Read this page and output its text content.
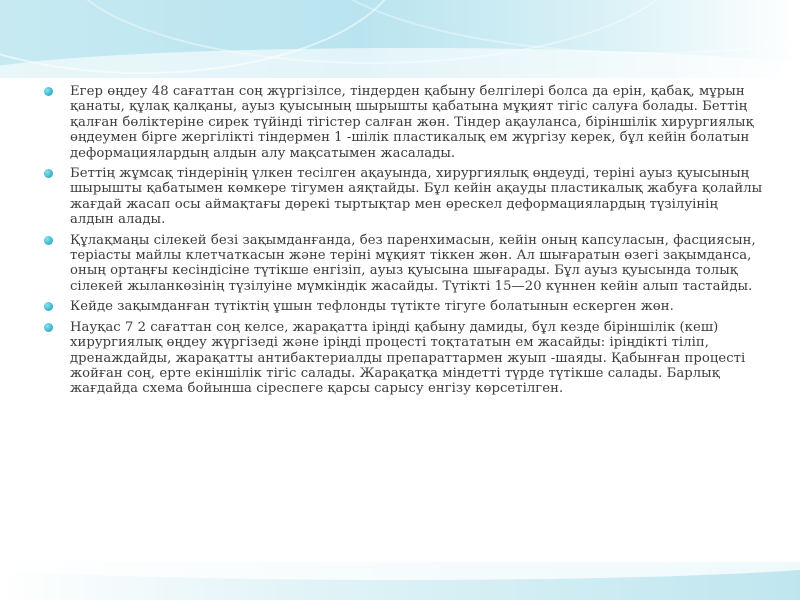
Егер өңдеу 48 сағаттан соң жүргізілсе, тіндерден қабыну белгілері болса да ерін, қабақ, мұрын қанаты, құлақ қалқаны, ауыз қуысының шырышты қабатына мұқият тігіс салуға болады. Беттің қалған бөліктеріне сирек түйінді тігістер салған жөн. Тіндер ақауланса, біріншілік хирургиялық өңдеумен бірге жергілікті тіндермен 1 -шілік пластикалық ем жүргізу керек, бұл кейін болатын деформациялардың алдын алу мақсатымен жасалады.
Беттің жұмсақ тіндерінің үлкен тесілген ақауында, хирургиялық өңдеуді, теріні ауыз қуысының шырышты қабатымен көмкере тігумен аяқтайды. Бұл кейін ақауды пластикалық жабуға қолайлы жағдай жасап осы аймақтағы дөрекі тыртықтар мен өрескел деформациялардың түзілуінің алдын алады.
Құлақмаңы сілекей безі зақымданғанда, без паренхимасын, кейін оның капсуласын, фасциясын, теріасты майлы клетчаткасын және теріні мұқият тіккен жөн. Ал шығаратын өзегі зақымданса, оның ортаңғы кесіндісіне түтікше енгізіп, ауыз қуысына шығарады. Бұл ауыз қуысында толық сілекей жыланкөзінің түзілуіне мүмкіндік жасайды. Түтікті 15—20 күннен кейін алып тастайды.
Кейде зақымданған түтіктің ұшын тефлонды түтікте тігуге болатынын ескерген жөн.
Науқас 7 2 сағаттан соң келсе, жарақатта іріңді қабыну дамиды, бұл кезде біріншілік (кеш) хирургиялық өңдеу жүргізеді және іріңді процесті тоқтататын ем жасайды: іріңдікті тіліп, дренаждайды, жарақатты антибактериалды препараттармен жуып -шаяды. Қабынған процесті жойған соң, ерте екіншілік тігіс салады. Жарақатқа міндетті түрде түтікше салады. Барлық жағдайда схема бойынша сіреспеге қарсы сарысу енгізу көрсетілген.
